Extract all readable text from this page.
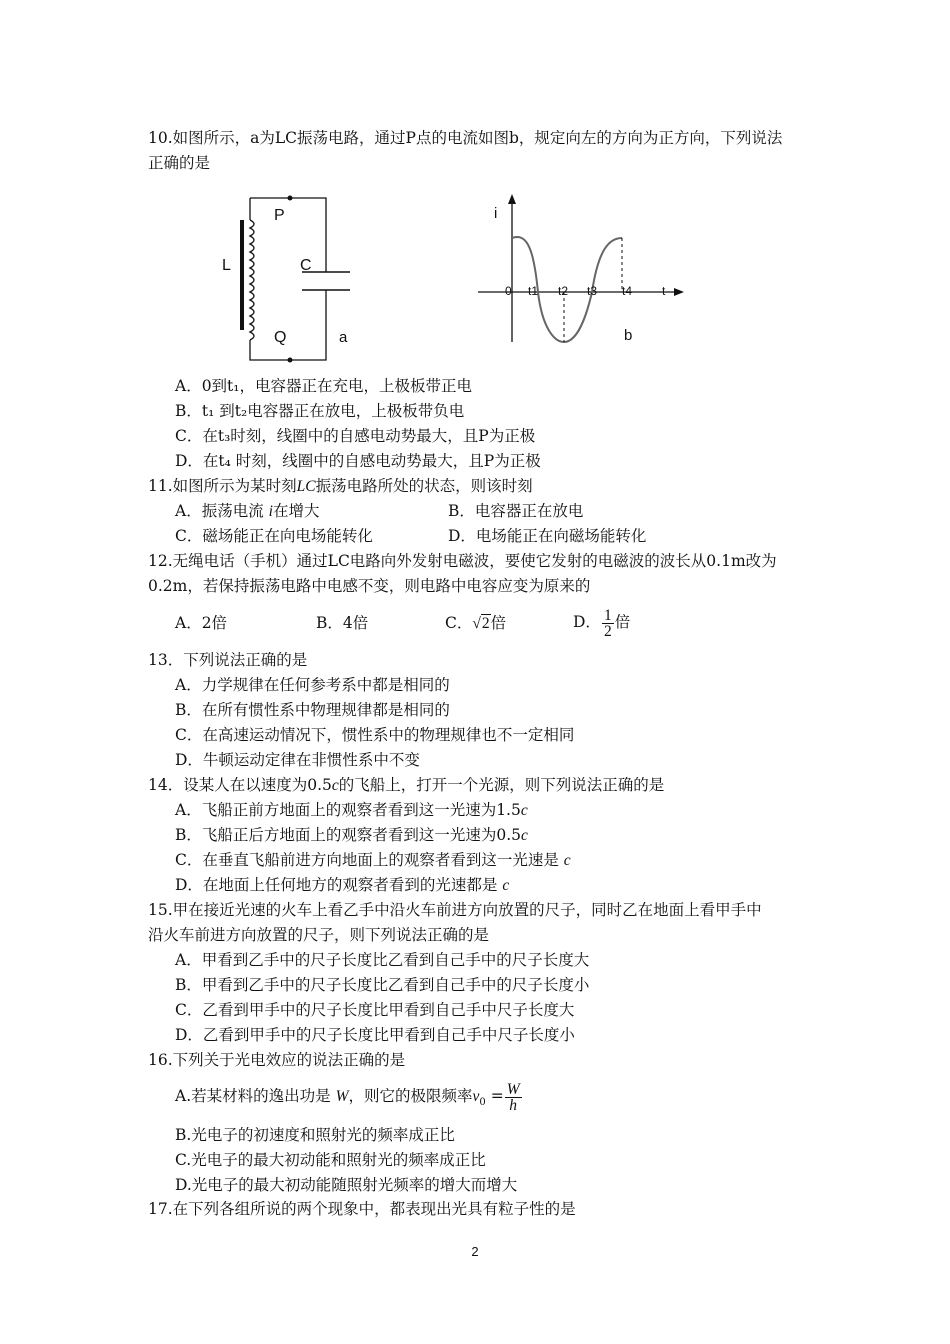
10.如图所示，a为LC振荡电路，通过P点的电流如图b，规定向左的方向为正方向，下列说法
正确的是
L
P
C
Q	a
i
0 t1 t2 t3 t4 t
b
A．0到t₁，电容器正在充电，上极板带正电
B．t₁ 到t₂电容器正在放电，上极板带负电
C．在t₃时刻，线圈中的自感电动势最大，且P为正极
D．在t₄ 时刻，线圈中的自感电动势最大，且P为正极
11.如图所示为某时刻LC振荡电路所处的状态，则该时刻
A．振荡电流 i在增大	B．电容器正在放电
C．磁场能正在向电场能转化	D．电场能正在向磁场能转化
12.无绳电话（手机）通过LC电路向外发射电磁波，要使它发射的电磁波的波长从0.1m改为
0.2m，若保持振荡电路中电感不变，则电路中电容应变为原来的
A．2倍	B．4倍	C．√2倍	D． $\frac{1}{2}$ 倍
13．下列说法正确的是
A．力学规律在任何参考系中都是相同的
B．在所有惯性系中物理规律都是相同的
C．在高速运动情况下，惯性系中的物理规律也不一定相同
D．牛顿运动定律在非惯性系中不变
14．设某人在以速度为0.5c的飞船上，打开一个光源，则下列说法正确的是
A．飞船正前方地面上的观察者看到这一光速为1.5c
B．飞船正后方地面上的观察者看到这一光速为0.5c
C．在垂直飞船前进方向地面上的观察者看到这一光速是 c
D．在地面上任何地方的观察者看到的光速都是 c
15.甲在接近光速的火车上看乙手中沿火车前进方向放置的尺子，同时乙在地面上看甲手中
沿火车前进方向放置的尺子，则下列说法正确的是
A．甲看到乙手中的尺子长度比乙看到自己手中的尺子长度大
B．甲看到乙手中的尺子长度比乙看到自己手中的尺子长度小
C．乙看到甲手中的尺子长度比甲看到自己手中尺子长度大
D．乙看到甲手中的尺子长度比甲看到自己手中尺子长度小
16.下列关于光电效应的说法正确的是
A.若某材料的逸出功是 W，则它的极限频率$v_0 = \frac{W}{h}$
B.光电子的初速度和照射光的频率成正比
C.光电子的最大初动能和照射光的频率成正比
D.光电子的最大初动能随照射光频率的增大而增大
17.在下列各组所说的两个现象中，都表现出光具有粒子性的是
2
